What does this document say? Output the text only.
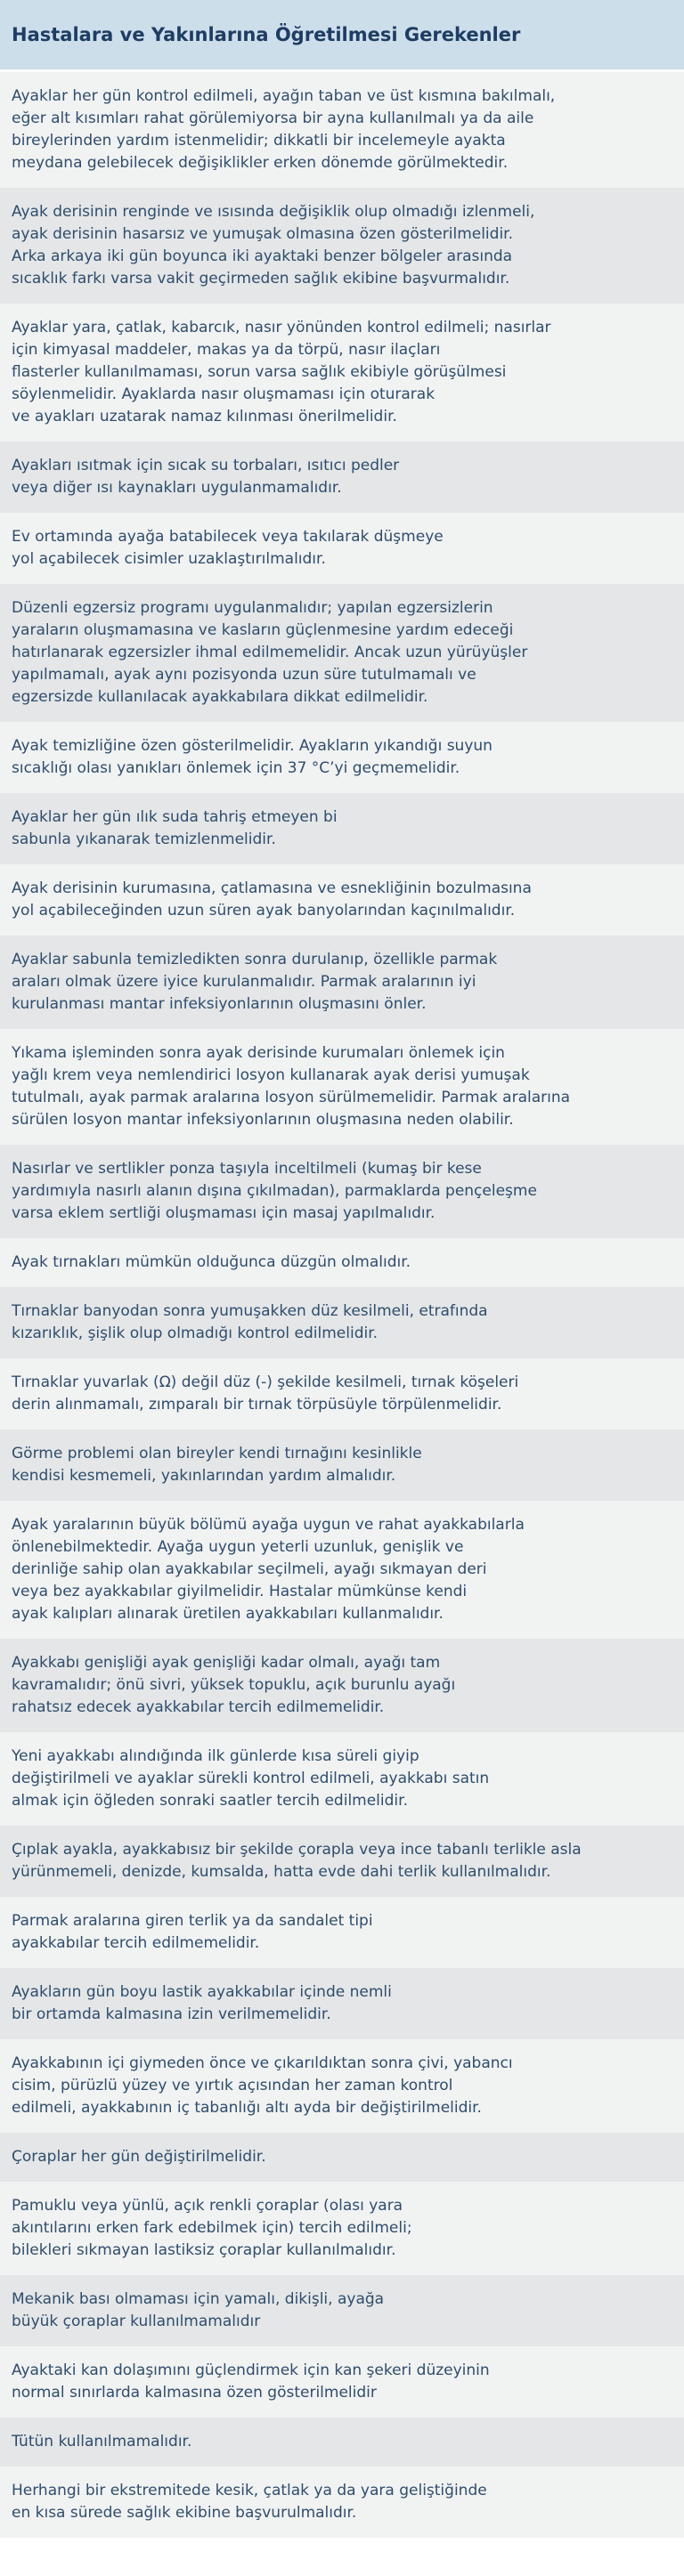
Hastalara ve Yakınlarına Öğretilmesi Gerekenler
Ayaklar her gün kontrol edilmeli, ayağın taban ve üst kısmına bakılmalı,
eğer alt kısımları rahat görülemiyorsa bir ayna kullanılmalı ya da aile
bireylerinden yardım istenmelidir; dikkatli bir incelemeyle ayakta
meydana gelebilecek değişiklikler erken dönemde görülmektedir.
Ayak derisinin renginde ve ısısında değişiklik olup olmadığı izlenmeli,
ayak derisinin hasarsız ve yumuşak olmasına özen gösterilmelidir.
Arka arkaya iki gün boyunca iki ayaktaki benzer bölgeler arasında
sıcaklık farkı varsa vakit geçirmeden sağlık ekibine başvurmalıdır.
Ayaklar yara, çatlak, kabarcık, nasır yönünden kontrol edilmeli; nasırlar
için kimyasal maddeler, makas ya da törpü, nasır ilaçları
flasterler kullanılmaması, sorun varsa sağlık ekibiyle görüşülmesi
söylenmelidir. Ayaklarda nasır oluşmaması için oturarak
ve ayakları uzatarak namaz kılınması önerilmelidir.
Ayakları ısıtmak için sıcak su torbaları, ısıtıcı pedler
veya diğer ısı kaynakları uygulanmamalıdır.
Ev ortamında ayağa batabilecek veya takılarak düşmeye
yol açabilecek cisimler uzaklaştırılmalıdır.
Düzenli egzersiz programı uygulanmalıdır; yapılan egzersizlerin
yaraların oluşmamasına ve kasların güçlenmesine yardım edeceği
hatırlanarak egzersizler ihmal edilmemelidir. Ancak uzun yürüyüşler
yapılmamalı, ayak aynı pozisyonda uzun süre tutulmamalı ve
egzersizde kullanılacak ayakkabılara dikkat edilmelidir.
Ayak temizliğine özen gösterilmelidir. Ayakların yıkandığı suyun
sıcaklığı olası yanıkları önlemek için 37 °C’yi geçmemelidir.
Ayaklar her gün ılık suda tahriş etmeyen bi
sabunla yıkanarak temizlenmelidir.
Ayak derisinin kurumasına, çatlamasına ve esnekliğinin bozulmasına
yol açabileceğinden uzun süren ayak banyolarından kaçınılmalıdır.
Ayaklar sabunla temizledikten sonra durulanıp, özellikle parmak
araları olmak üzere iyice kurulanmalıdır. Parmak aralarının iyi
kurulanması mantar infeksiyonlarının oluşmasını önler.
Yıkama işleminden sonra ayak derisinde kurumaları önlemek için
yağlı krem veya nemlendirici losyon kullanarak ayak derisi yumuşak
tutulmalı, ayak parmak aralarına losyon sürülmemelidir. Parmak aralarına
sürülen losyon mantar infeksiyonlarının oluşmasına neden olabilir.
Nasırlar ve sertlikler ponza taşıyla inceltilmeli (kumaş bir kese
yardımıyla nasırlı alanın dışına çıkılmadan), parmaklarda pençeleşme
varsa eklem sertliği oluşmaması için masaj yapılmalıdır.
Ayak tırnakları mümkün olduğunca düzgün olmalıdır.
Tırnaklar banyodan sonra yumuşakken düz kesilmeli, etrafında
kızarıklık, şişlik olup olmadığı kontrol edilmelidir.
Tırnaklar yuvarlak (Ω) değil düz (-) şekilde kesilmeli, tırnak köşeleri
derin alınmamalı, zımparalı bir tırnak törpüsüyle törpülenmelidir.
Görme problemi olan bireyler kendi tırnağını kesinlikle
kendisi kesmemeli, yakınlarından yardım almalıdır.
Ayak yaralarının büyük bölümü ayağa uygun ve rahat ayakkabılarla
önlenebilmektedir. Ayağa uygun yeterli uzunluk, genişlik ve
derinliğe sahip olan ayakkabılar seçilmeli, ayağı sıkmayan deri
veya bez ayakkabılar giyilmelidir. Hastalar mümkünse kendi
ayak kalıpları alınarak üretilen ayakkabıları kullanmalıdır.
Ayakkabı genişliği ayak genişliği kadar olmalı, ayağı tam
kavramalıdır; önü sivri, yüksek topuklu, açık burunlu ayağı
rahatsız edecek ayakkabılar tercih edilmemelidir.
Yeni ayakkabı alındığında ilk günlerde kısa süreli giyip
değiştirilmeli ve ayaklar sürekli kontrol edilmeli, ayakkabı satın
almak için öğleden sonraki saatler tercih edilmelidir.
Çıplak ayakla, ayakkabısız bir şekilde çorapla veya ince tabanlı terlikle asla
yürünmemeli, denizde, kumsalda, hatta evde dahi terlik kullanılmalıdır.
Parmak aralarına giren terlik ya da sandalet tipi
ayakkabılar tercih edilmemelidir.
Ayakların gün boyu lastik ayakkabılar içinde nemli
bir ortamda kalmasına izin verilmemelidir.
Ayakkabının içi giymeden önce ve çıkarıldıktan sonra çivi, yabancı
cisim, pürüzlü yüzey ve yırtık açısından her zaman kontrol
edilmeli, ayakkabının iç tabanlığı altı ayda bir değiştirilmelidir.
Çoraplar her gün değiştirilmelidir.
Pamuklu veya yünlü, açık renkli çoraplar (olası yara
akıntılarını erken fark edebilmek için) tercih edilmeli;
bilekleri sıkmayan lastiksiz çoraplar kullanılmalıdır.
Mekanik bası olmaması için yamalı, dikişli, ayağa
büyük çoraplar kullanılmamalıdır
Ayaktaki kan dolaşımını güçlendirmek için kan şekeri düzeyinin
normal sınırlarda kalmasına özen gösterilmelidir
Tütün kullanılmamalıdır.
Herhangi bir ekstremitede kesik, çatlak ya da yara geliştiğinde
en kısa sürede sağlık ekibine başvurulmalıdır.
